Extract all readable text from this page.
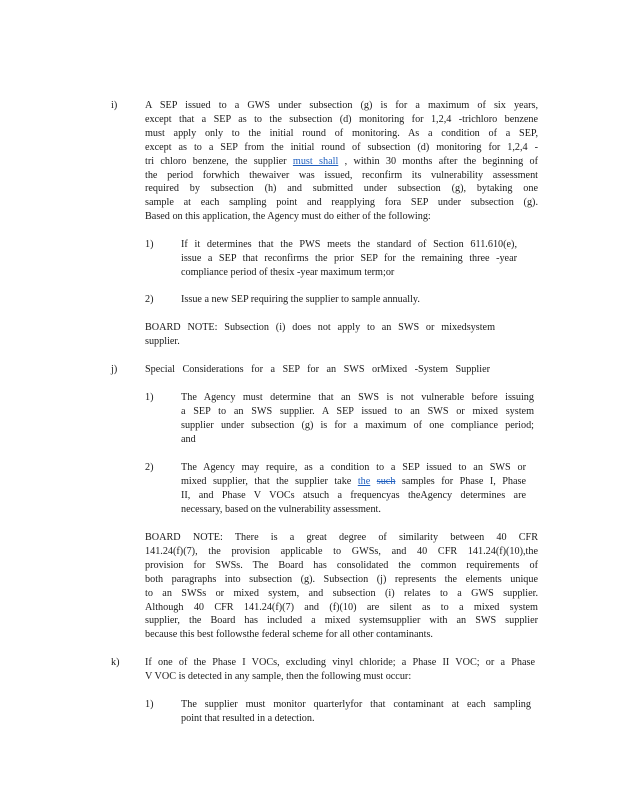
i)	A SEP issued to a GWS under subsection (g) is for a maximum of six years,
except that a SEP as to the subsection (d) monitoring for 1,2,4 -trichloro benzene
must apply only to the initial round of monitoring. As a condition of a SEP,
except as to a SEP from the initial round of subsection (d) monitoring for 1,2,4 -
tri chloro benzene, the supplier must shall , within 30 months after the beginning of
the period forwhich thewaiver was issued, reconfirm its vulnerability assessment
required by subsection (h) and submitted under subsection (g), bytaking one
sample at each sampling point and reapplying fora SEP under subsection (g).
Based on this application, the Agency must do either of the following:
1)	If it determines that the PWS meets the standard of Section 611.610(e),
issue a SEP that reconfirms the prior SEP for the remaining three -year
compliance period of thesix -year maximum term;or
2)	Issue a new SEP requiring the supplier to sample annually.
BOARD NOTE: Subsection (i) does not apply to an SWS or mixedsystem
supplier.
j)	Special Considerations for a SEP for an SWS orMixed -System Supplier
1)	The Agency must determine that an SWS is not vulnerable before issuing
a SEP to an SWS supplier. A SEP issued to an SWS or mixed system
supplier under subsection (g) is for a maximum of one compliance period;
and
2)	The Agency may require, as a condition to a SEP issued to an SWS or
mixed supplier, that the supplier take the such samples for Phase I, Phase
II, and Phase V VOCs atsuch a frequencyas theAgency determines are
necessary, based on the vulnerability assessment.
BOARD NOTE: There is a great degree of similarity between 40 CFR
141.24(f)(7), the provision applicable to GWSs, and 40 CFR 141.24(f)(10),the
provision for SWSs. The Board has consolidated the common requirements of
both paragraphs into subsection (g). Subsection (j) represents the elements unique
to an SWSs or mixed system, and subsection (i) relates to a GWS supplier.
Although 40 CFR 141.24(f)(7) and (f)(10) are silent as to a mixed system
supplier, the Board has included a mixed systemsupplier with an SWS supplier
because this best followsthe federal scheme for all other contaminants.
k)	If one of the Phase I VOCs, excluding vinyl chloride; a Phase II VOC; or a Phase
V VOC is detected in any sample, then the following must occur:
1)	The supplier must monitor quarterlyfor that contaminant at each sampling
point that resulted in a detection.
